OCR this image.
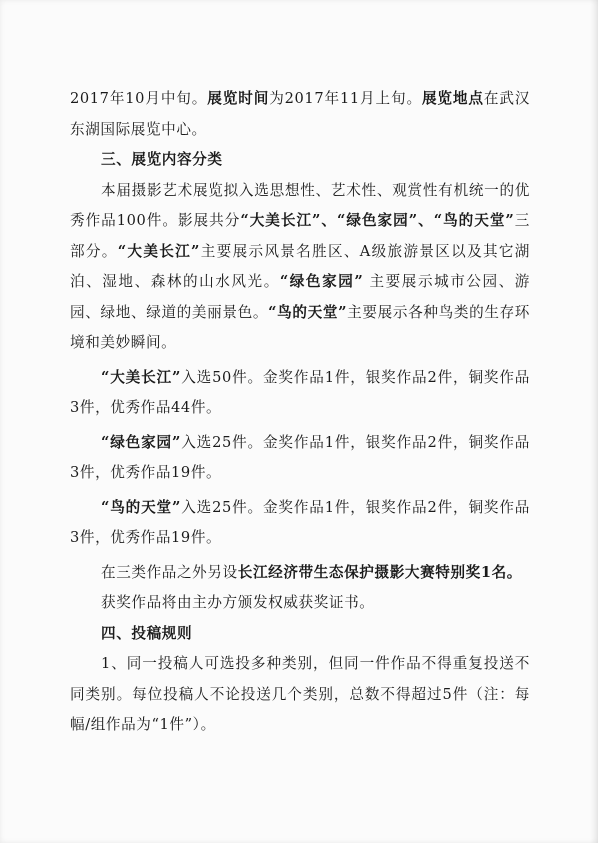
2017年10月中旬。展览时间为2017年11月上旬。展览地点在武汉东湖国际展览中心。

三、展览内容分类

本届摄影艺术展览拟入选思想性、艺术性、观赏性有机统一的优秀作品100件。影展共分“大美长江”、“绿色家园”、“鸟的天堂”三部分。“大美长江”主要展示风景名胜区、A级旅游景区以及其它湖泊、湿地、森林的山水风光。“绿色家园” 主要展示城市公园、游园、绿地、绿道的美丽景色。“鸟的天堂”主要展示各种鸟类的生存环境和美妙瞬间。

“大美长江”入选50件。金奖作品1件，银奖作品2件，铜奖作品3件，优秀作品44件。

“绿色家园”入选25件。金奖作品1件，银奖作品2件，铜奖作品3件，优秀作品19件。

“鸟的天堂”入选25件。金奖作品1件，银奖作品2件，铜奖作品3件，优秀作品19件。

在三类作品之外另设长江经济带生态保护摄影大赛特别奖1名。

获奖作品将由主办方颁发权威获奖证书。

四、投稿规则

1、同一投稿人可选投多种类别，但同一件作品不得重复投送不同类别。每位投稿人不论投送几个类别，总数不得超过5件（注：每幅/组作品为“1件”）。
